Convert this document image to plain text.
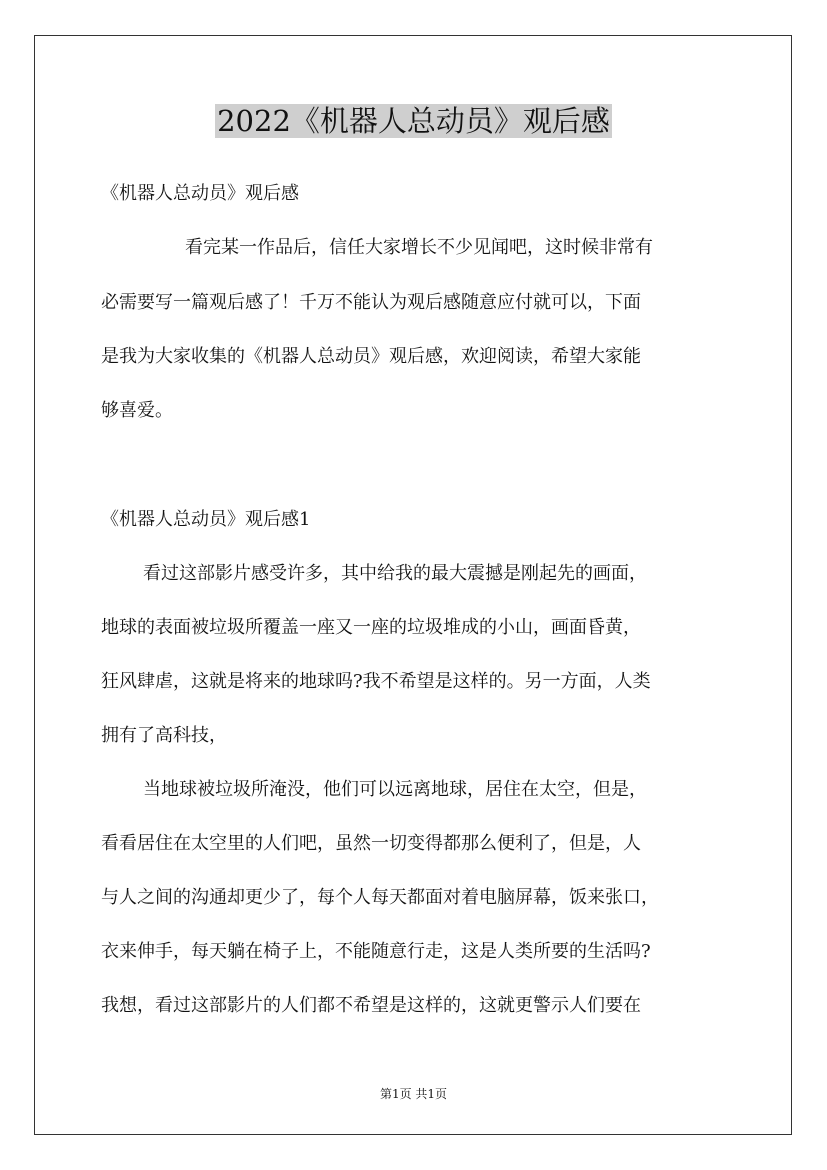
2022《机器人总动员》观后感
《机器人总动员》观后感
看完某一作品后，信任大家增长不少见闻吧，这时候非常有
必需要写一篇观后感了！千万不能认为观后感随意应付就可以，下面
是我为大家收集的《机器人总动员》观后感，欢迎阅读，希望大家能
够喜爱。
《机器人总动员》观后感1
看过这部影片感受许多，其中给我的最大震撼是刚起先的画面，
地球的表面被垃圾所覆盖一座又一座的垃圾堆成的小山，画面昏黄，
狂风肆虐，这就是将来的地球吗?我不希望是这样的。另一方面，人类
拥有了高科技，
当地球被垃圾所淹没，他们可以远离地球，居住在太空，但是，
看看居住在太空里的人们吧，虽然一切变得都那么便利了，但是，人
与人之间的沟通却更少了，每个人每天都面对着电脑屏幕，饭来张口，
衣来伸手，每天躺在椅子上，不能随意行走，这是人类所要的生活吗?
我想，看过这部影片的人们都不希望是这样的，这就更警示人们要在
第1页 共1页
